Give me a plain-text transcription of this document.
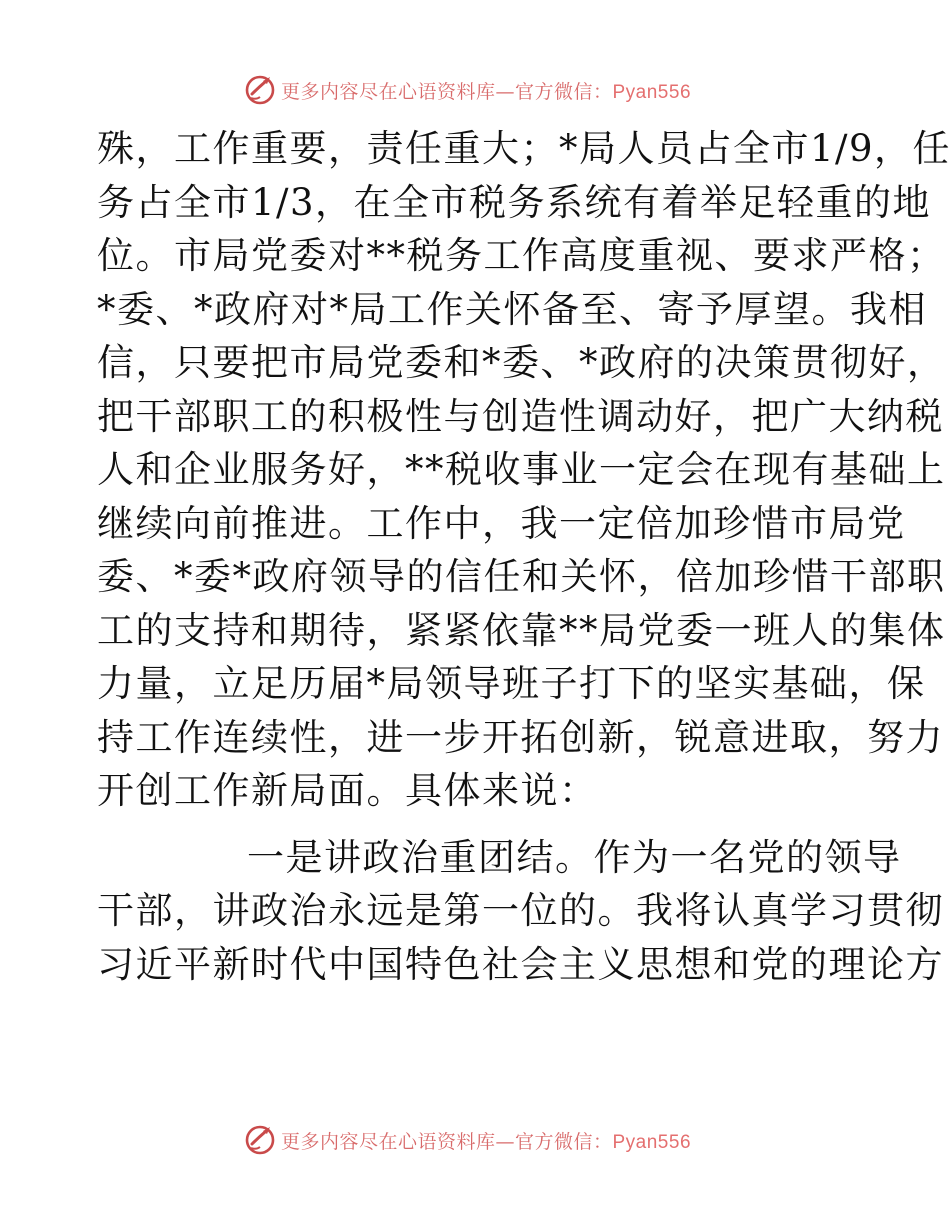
更多内容尽在心语资料库—官方微信：Pyan556
殊，工作重要，责任重大；*局人员占全市1/9，任
务占全市1/3，在全市税务系统有着举足轻重的地
位。市局党委对**税务工作高度重视、要求严格；
*委、*政府对*局工作关怀备至、寄予厚望。我相
信，只要把市局党委和*委、*政府的决策贯彻好，
把干部职工的积极性与创造性调动好，把广大纳税
人和企业服务好，**税收事业一定会在现有基础上
继续向前推进。工作中，我一定倍加珍惜市局党
委、*委*政府领导的信任和关怀，倍加珍惜干部职
工的支持和期待，紧紧依靠**局党委一班人的集体
力量，立足历届*局领导班子打下的坚实基础，保
持工作连续性，进一步开拓创新，锐意进取，努力
开创工作新局面。具体来说：
一是讲政治重团结。作为一名党的领导
干部，讲政治永远是第一位的。我将认真学习贯彻
习近平新时代中国特色社会主义思想和党的理论方
更多内容尽在心语资料库—官方微信：Pyan556
